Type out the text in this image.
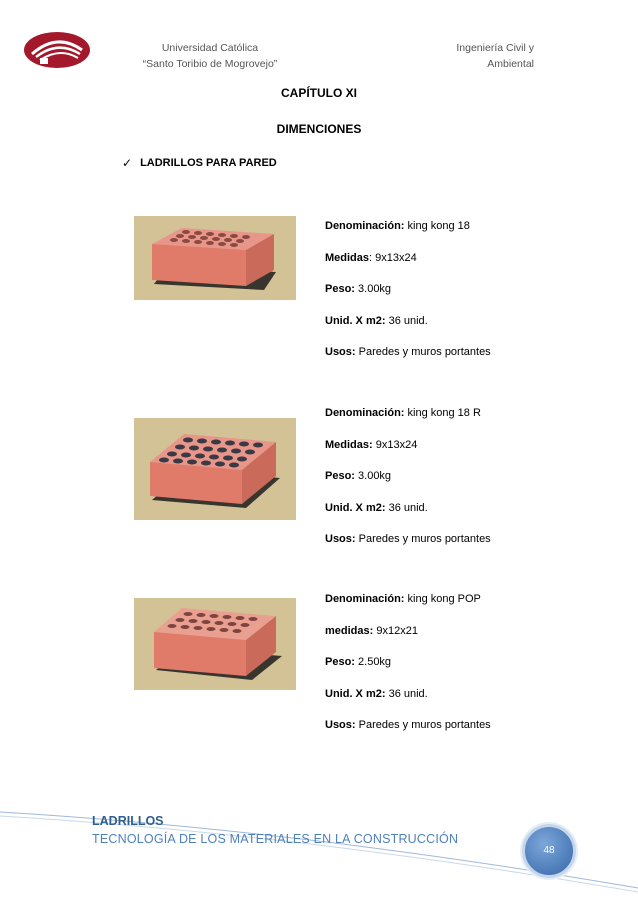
Universidad Católica
“Santo Toribio de Mogrovejo”
Ingeniería Civil y
Ambiental
CAPÍTULO XI
DIMENCIONES
✓ LADRILLOS PARA PARED
Denominación: king kong 18
Medidas: 9x13x24
Peso: 3.00kg
Unid. X m2: 36 unid.
Usos: Paredes y muros portantes
Denominación: king kong 18 R
Medidas: 9x13x24
Peso: 3.00kg
Unid. X m2: 36 unid.
Usos: Paredes y muros portantes
Denominación: king kong POP
medidas: 9x12x21
Peso: 2.50kg
Unid. X m2: 36 unid.
Usos: Paredes y muros portantes
LADRILLOS
TECNOLOGÍA DE LOS MATERIALES EN LA CONSTRUCCIÓN
48
